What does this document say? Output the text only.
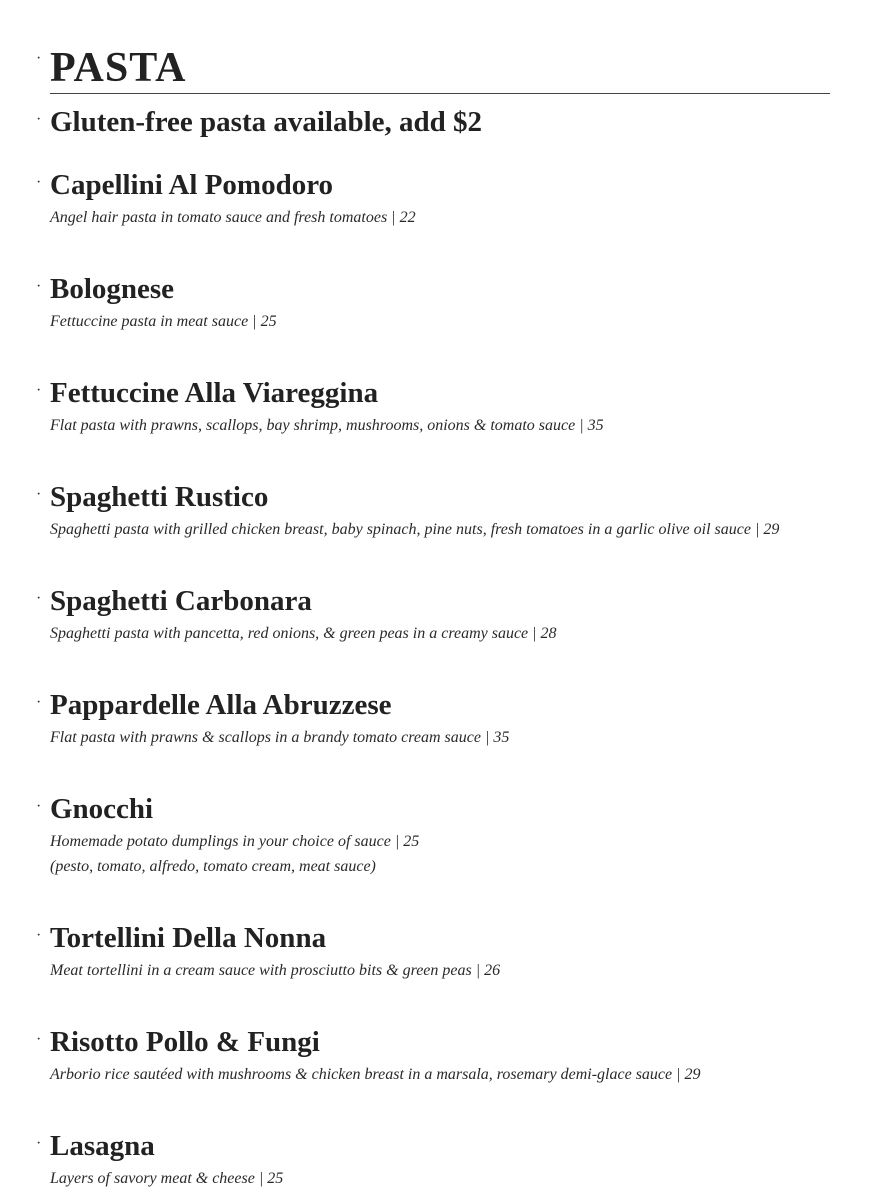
· PASTA
· Gluten-free pasta available, add $2

· Capellini Al Pomodoro

Angel hair pasta in tomato sauce and fresh tomatoes | 22

· Bolognese

Fettuccine pasta in meat sauce | 25

· Fettuccine Alla Viareggina

Flat pasta with prawns, scallops, bay shrimp, mushrooms, onions & tomato sauce | 35

· Spaghetti Rustico

Spaghetti pasta with grilled chicken breast, baby spinach, pine nuts, fresh tomatoes in a garlic olive oil sauce | 29

· Spaghetti Carbonara

Spaghetti pasta with pancetta, red onions, & green peas in a creamy sauce | 28

· Pappardelle Alla Abruzzese

Flat pasta with prawns & scallops in a brandy tomato cream sauce | 35

· Gnocchi

Homemade potato dumplings in your choice of sauce | 25

(pesto, tomato, alfredo, tomato cream, meat sauce)

· Tortellini Della Nonna

Meat tortellini in a cream sauce with prosciutto bits & green peas | 26

· Risotto Pollo & Fungi

Arborio rice sautéed with mushrooms & chicken breast in a marsala, rosemary demi-glace sauce | 29

· Lasagna

Layers of savory meat & cheese | 25
